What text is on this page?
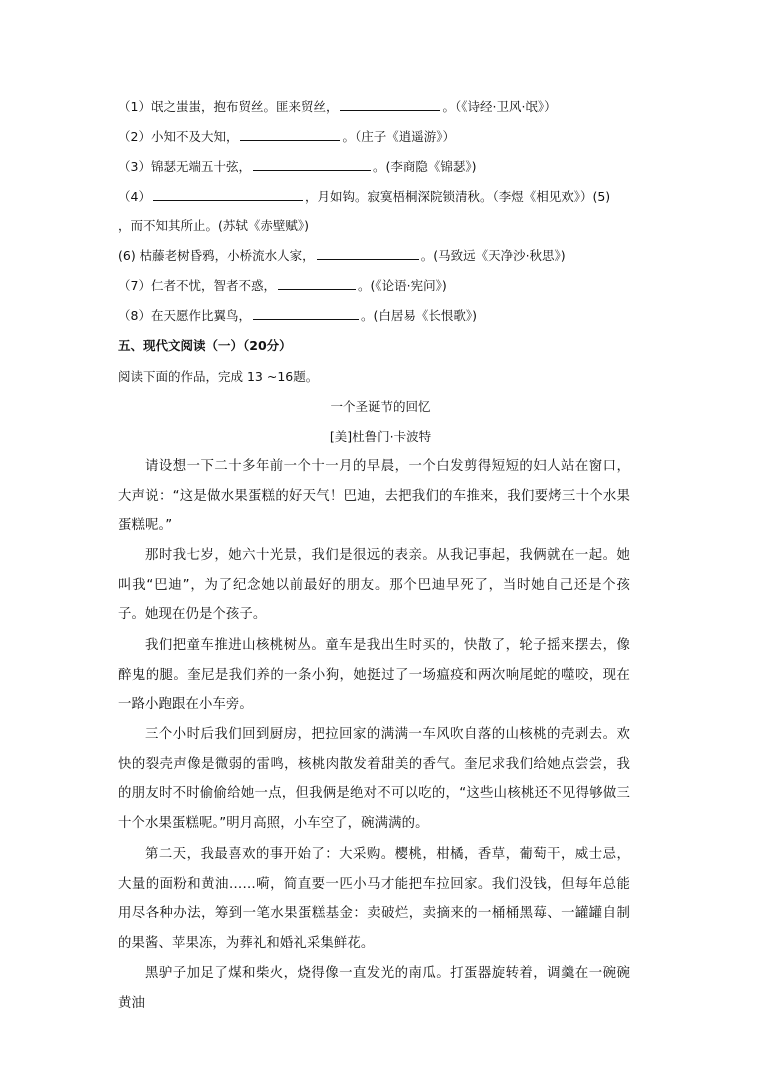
（1）氓之蚩蚩，抱布贸丝。匪来贸丝，	。（《诗经·卫风·氓》）
（2）小知不及大知，	。（庄子《逍遥游》）
（3）锦瑟无端五十弦，	。(李商隐《锦瑟》)
（4）	，月如钩。寂寞梧桐深院锁清秋。（李煜《相见欢》）(5)
，而不知其所止。(苏轼《赤壁赋》)
(6) 枯藤老树昏鸦，小桥流水人家，	。(马致远《天净沙·秋思》)
（7）仁者不忧，智者不惑，	。(《论语·宪问》)
（8）在天愿作比翼鸟，	。(白居易《长恨歌》)
五、现代文阅读（一）（20分）
阅读下面的作品，完成 13 ~16题。
一个圣诞节的回忆
[美]杜鲁门·卡波特
请设想一下二十多年前一个十一月的早晨，一个白发剪得短短的妇人站在窗口，大声说：“这是做水果蛋糕的好天气！巴迪，去把我们的车推来，我们要烤三十个水果蛋糕呢。”
那时我七岁，她六十光景，我们是很远的表亲。从我记事起，我俩就在一起。她叫我“巴迪”，为了纪念她以前最好的朋友。那个巴迪早死了，当时她自己还是个孩子。她现在仍是个孩子。
我们把童车推进山核桃树丛。童车是我出生时买的，快散了，轮子摇来摆去，像醉鬼的腿。奎尼是我们养的一条小狗，她挺过了一场瘟疫和两次响尾蛇的噬咬，现在一路小跑跟在小车旁。
三个小时后我们回到厨房，把拉回家的满满一车风吹自落的山核桃的壳剥去。欢快的裂壳声像是微弱的雷鸣，核桃肉散发着甜美的香气。奎尼求我们给她点尝尝，我的朋友时不时偷偷给她一点，但我俩是绝对不可以吃的，“这些山核桃还不见得够做三十个水果蛋糕呢。”明月高照，小车空了，碗满满的。
第二天，我最喜欢的事开始了：大采购。樱桃，柑橘，香草，葡萄干，威士忌，大量的面粉和黄油……嗬，简直要一匹小马才能把车拉回家。我们没钱，但每年总能用尽各种办法，筹到一笔水果蛋糕基金：卖破烂，卖摘来的一桶桶黑莓、一罐罐自制的果酱、苹果冻，为葬礼和婚礼采集鲜花。
黑驴子加足了煤和柴火，烧得像一直发光的南瓜。打蛋器旋转着，调羹在一碗碗黄油
